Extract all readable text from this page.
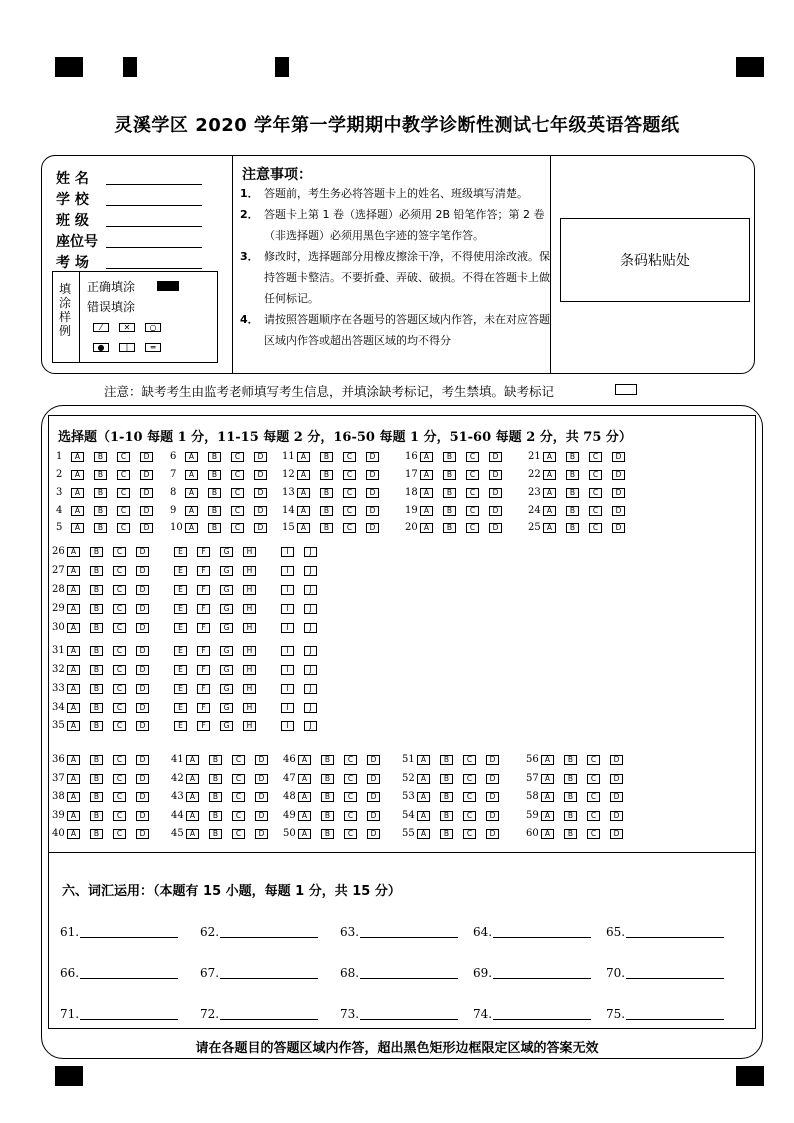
灵溪学区 2020 学年第一学期期中教学诊断性测试七年级英语答题纸
姓 名
学 校
班 级
座位号
考 场
填涂样例
正确填涂
错误填涂
⁄	✕	○
●	│	═
注意事项：
1． 答题前，考生务必将答题卡上的姓名、班级填写清楚。
2． 答题卡上第 1 卷（选择题）必须用 2B 铅笔作答；第 2 卷（非选择题）必须用黑色字迹的签字笔作答。
3． 修改时，选择题部分用橡皮擦涂干净，不得使用涂改液。保持答题卡整洁。不要折叠、弄破、破损。不得在答题卡上做任何标记。
4． 请按照答题顺序在各题号的答题区域内作答，未在对应答题区域内作答或超出答题区域的均不得分
条码粘贴处
注意：缺考考生由监考老师填写考生信息，并填涂缺考标记，考生禁填。缺考标记
选择题（1-10 每题 1 分，11-15 每题 2 分，16-50 每题 1 分，51-60 每题 2 分，共 75 分）
六、词汇运用：（本题有 15 小题，每题 1 分，共 15 分）
请在各题目的答题区域内作答，超出黑色矩形边框限定区域的答案无效
1	A	B	C	D
2	A	B	C	D
3	A	B	C	D
4	A	B	C	D
5	A	B	C	D
6	A	B	C	D
7	A	B	C	D
8	A	B	C	D
9	A	B	C	D
10 A	B	C	D
11 A	B	C	D
12 A	B	C	D
13 A	B	C	D
14 A	B	C	D
15 A	B	C	D
16 A	B	C	D
17 A	B	C	D
18 A	B	C	D
19 A	B	C	D
20 A	B	C	D
21 A	B	C	D
22 A	B	C	D
23 A	B	C	D
24 A	B	C	D
25 A	B	C	D
26 A	B	C	D	E	F	G	H	I	J
27 A	B	C	D	E	F	G	H	I	J
28 A	B	C	D	E	F	G	H	I	J
29 A	B	C	D	E	F	G	H	I	J
30 A	B	C	D	E	F	G	H	I	J
31 A	B	C	D	E	F	G	H	I	J
32 A	B	C	D	E	F	G	H	I	J
33 A	B	C	D	E	F	G	H	I	J
34 A	B	C	D	E	F	G	H	I	J
35 A	B	C	D	E	F	G	H	I	J
36 A	B	C	D
37 A	B	C	D
38 A	B	C	D
39 A	B	C	D
40 A	B	C	D
41 A	B	C	D
42 A	B	C	D
43 A	B	C	D
44 A	B	C	D
45 A	B	C	D
46 A	B	C	D
47 A	B	C	D
48 A	B	C	D
49 A	B	C	D
50 A	B	C	D
51 A	B	C	D
52 A	B	C	D
53 A	B	C	D
54 A	B	C	D
55 A	B	C	D
56 A	B	C	D
57 A	B	C	D
58 A	B	C	D
59 A	B	C	D
60 A	B	C	D
61.	62.	63.	64.	65.
66.	67.	68.	69.	70.
71.	72.	73.	74.	75.
